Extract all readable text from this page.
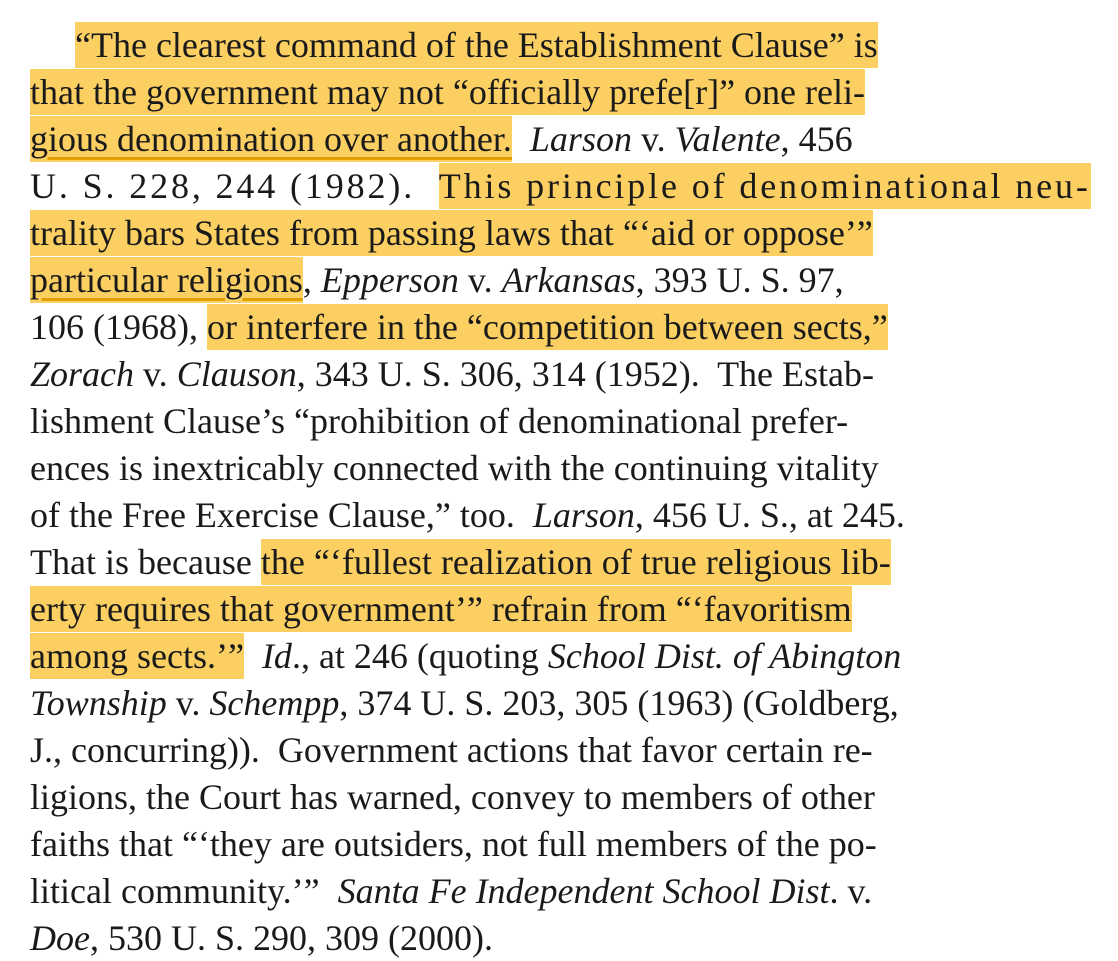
“The clearest command of the Establishment Clause” is
that the government may not “officially prefe[r]” one reli-
gious denomination over another. Larson v. Valente, 456
U. S. 228, 244 (1982).  This principle of denominational neu-
trality bars States from passing laws that “‘aid or oppose’”
particular religions, Epperson v. Arkansas, 393 U. S. 97,
106 (1968), or interfere in the “competition between sects,”
Zorach v. Clauson, 343 U. S. 306, 314 (1952).  The Estab-
lishment Clause’s “prohibition of denominational prefer-
ences is inextricably connected with the continuing vitality
of the Free Exercise Clause,” too.  Larson, 456 U. S., at 245.
That is because the “‘fullest realization of true religious lib-
erty requires that government’” refrain from “‘favoritism
among sects.’” Id., at 246 (quoting School Dist. of Abington
Township v. Schempp, 374 U. S. 203, 305 (1963) (Goldberg,
J., concurring)).  Government actions that favor certain re-
ligions, the Court has warned, convey to members of other
faiths that “‘they are outsiders, not full members of the po-
litical community.’”  Santa Fe Independent School Dist. v.
Doe, 530 U. S. 290, 309 (2000).
